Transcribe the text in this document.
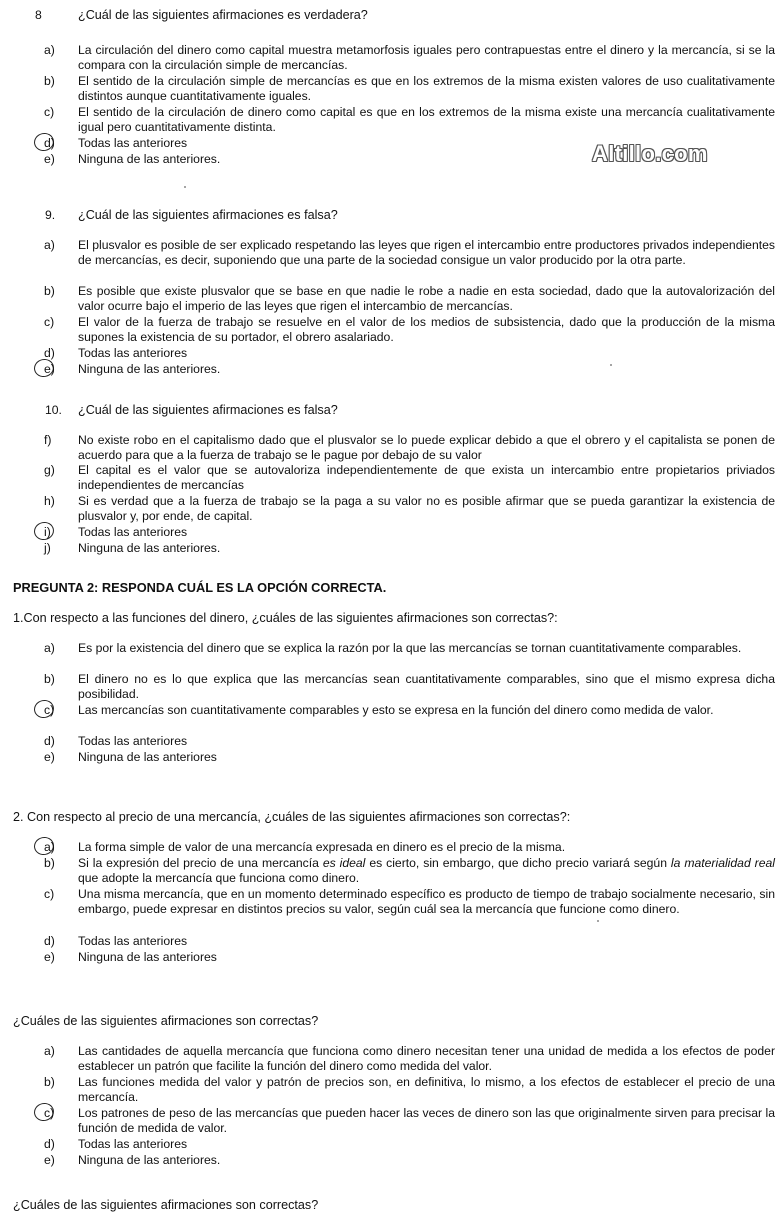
Altillo.com
8	¿Cuál de las siguientes afirmaciones es verdadera?
a)	La circulación del dinero como capital muestra metamorfosis iguales pero contrapuestas entre el dinero y la mercancía, si se la compara con la circulación simple de mercancías.
b)	El sentido de la circulación simple de mercancías es que en los extremos de la misma existen valores de uso cualitativamente distintos aunque cuantitativamente iguales.
c)	El sentido de la circulación de dinero como capital es que en los extremos de la misma existe una mercancía cualitativamente igual pero cuantitativamente distinta.
d)	Todas las anteriores
e)	Ninguna de las anteriores.
9. ¿Cuál de las siguientes afirmaciones es falsa?
a)	El plusvalor es posible de ser explicado respetando las leyes que rigen el intercambio entre productores privados independientes de mercancías, es decir, suponiendo que una parte de la sociedad consigue un valor producido por la otra parte.
b)	Es posible que existe plusvalor que se base en que nadie le robe a nadie en esta sociedad, dado que la autovalorización del valor ocurre bajo el imperio de las leyes que rigen el intercambio de mercancías.
c)	El valor de la fuerza de trabajo se resuelve en el valor de los medios de subsistencia, dado que la producción de la misma supones la existencia de su portador, el obrero asalariado.
d)	Todas las anteriores
e)	Ninguna de las anteriores.
10. ¿Cuál de las siguientes afirmaciones es falsa?
f)	No existe robo en el capitalismo dado que el plusvalor se lo puede explicar debido a que el obrero y el capitalista se ponen de acuerdo para que a la fuerza de trabajo se le pague por debajo de su valor
g)	El capital es el valor que se autovaloriza independientemente de que exista un intercambio entre propietarios priviados independientes de mercancías
h)	Si es verdad que a la fuerza de trabajo se la paga a su valor no es posible afirmar que se pueda garantizar la existencia de plusvalor y, por ende, de capital.
i)	Todas las anteriores
j)	Ninguna de las anteriores.
PREGUNTA 2: RESPONDA CUÁL ES LA OPCIÓN CORRECTA.
1.Con respecto a las funciones del dinero, ¿cuáles de las siguientes afirmaciones son correctas?:
a)	Es por la existencia del dinero que se explica la razón por la que las mercancías se tornan cuantitativamente comparables.
b)	El dinero no es lo que explica que las mercancías sean cuantitativamente comparables, sino que el mismo expresa dicha posibilidad.
c)	Las mercancías son cuantitativamente comparables y esto se expresa en la función del dinero como medida de valor.
d)	Todas las anteriores
e)	Ninguna de las anteriores
2. Con respecto al precio de una mercancía, ¿cuáles de las siguientes afirmaciones son correctas?:
a)	La forma simple de valor de una mercancía expresada en dinero es el precio de la misma.
b)	Si la expresión del precio de una mercancía es ideal es cierto, sin embargo, que dicho precio variará según la materialidad real que adopte la mercancía que funciona como dinero.
c)	Una misma mercancía, que en un momento determinado específico es producto de tiempo de trabajo socialmente necesario, sin embargo, puede expresar en distintos precios su valor, según cuál sea la mercancía que funcione como dinero.
d)	Todas las anteriores
e)	Ninguna de las anteriores
¿Cuáles de las siguientes afirmaciones son correctas?
a)	Las cantidades de aquella mercancía que funciona como dinero necesitan tener una unidad de medida a los efectos de poder establecer un patrón que facilite la función del dinero como medida del valor.
b)	Las funciones medida del valor y patrón de precios son, en definitiva, lo mismo, a los efectos de establecer el precio de una mercancía.
c)	Los patrones de peso de las mercancías que pueden hacer las veces de dinero son las que originalmente sirven para precisar la función de medida de valor.
d)	Todas las anteriores
e)	Ninguna de las anteriores.
¿Cuáles de las siguientes afirmaciones son correctas?
